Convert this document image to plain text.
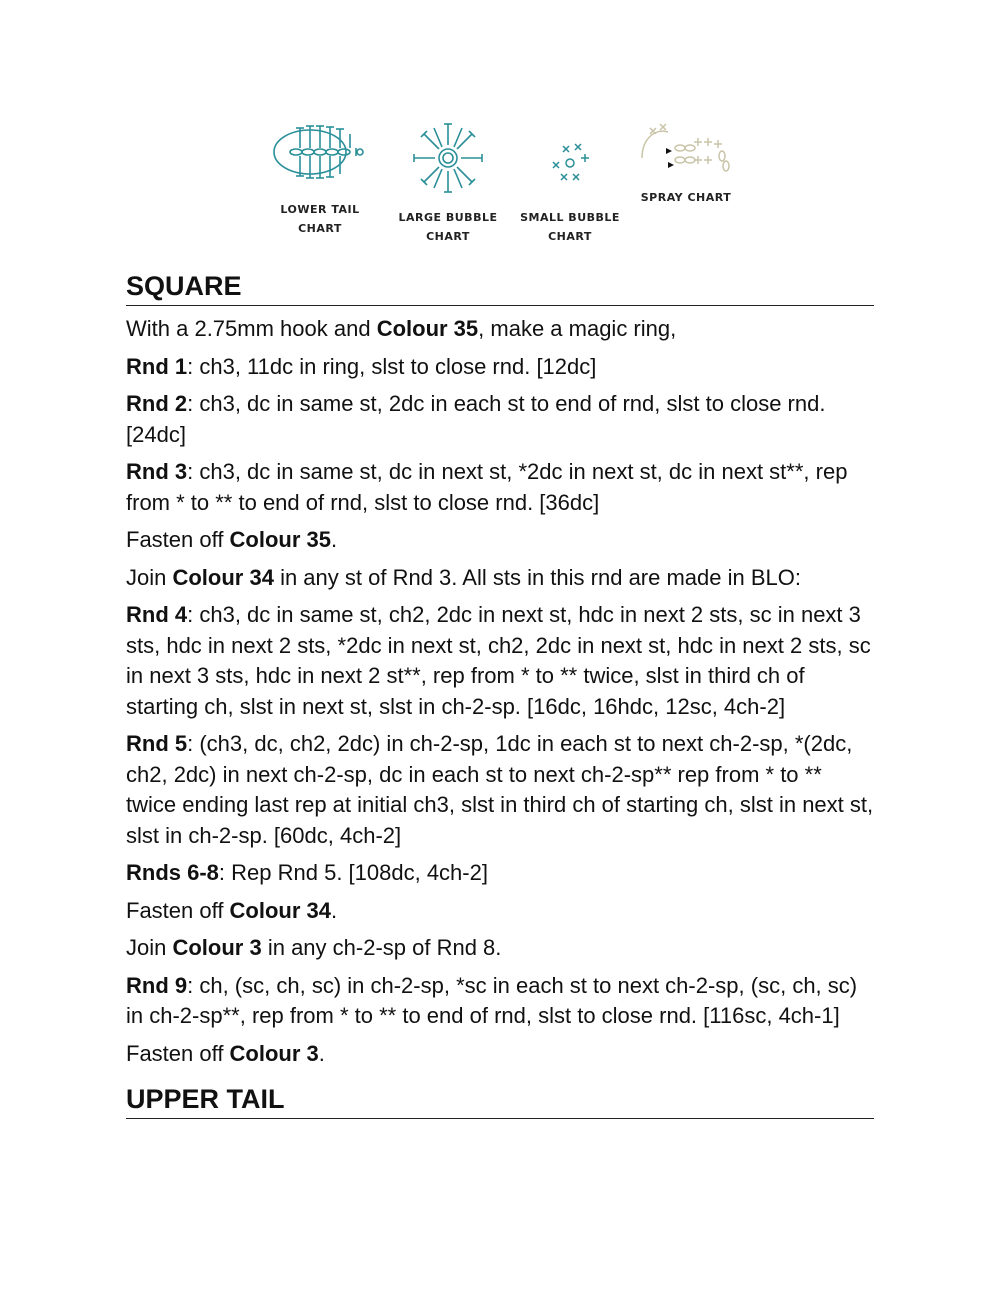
LOWER TAIL
CHART
LARGE BUBBLE
CHART
SMALL BUBBLE
CHART
SPRAY CHART
SQUARE

With a 2.75mm hook and Colour 35, make a magic ring,

Rnd 1: ch3, 11dc in ring, slst to close rnd. [12dc]

Rnd 2: ch3, dc in same st, 2dc in each st to end of rnd, slst to close rnd. [24dc]

Rnd 3: ch3, dc in same st, dc in next st, *2dc in next st, dc in next st**, rep from * to ** to end of rnd, slst to close rnd. [36dc]

Fasten off Colour 35.

Join Colour 34 in any st of Rnd 3. All sts in this rnd are made in BLO:

Rnd 4: ch3, dc in same st, ch2, 2dc in next st, hdc in next 2 sts, sc in next 3 sts, hdc in next 2 sts, *2dc in next st, ch2, 2dc in next st, hdc in next 2 sts, sc in next 3 sts, hdc in next 2 st**, rep from * to ** twice, slst in third ch of starting ch, slst in next st, slst in ch-2-sp. [16dc, 16hdc, 12sc, 4ch-2]

Rnd 5: (ch3, dc, ch2, 2dc) in ch-2-sp, 1dc in each st to next ch-2-sp, *(2dc, ch2, 2dc) in next ch-2-sp, dc in each st to next ch-2-sp** rep from * to ** twice ending last rep at initial ch3, slst in third ch of starting ch, slst in next st, slst in ch-2-sp. [60dc, 4ch-2]

Rnds 6-8: Rep Rnd 5. [108dc, 4ch-2]

Fasten off Colour 34.

Join Colour 3 in any ch-2-sp of Rnd 8.

Rnd 9: ch, (sc, ch, sc) in ch-2-sp, *sc in each st to next ch-2-sp, (sc, ch, sc) in ch-2-sp**, rep from * to ** to end of rnd, slst to close rnd. [116sc, 4ch-1]

Fasten off Colour 3.

UPPER TAIL
